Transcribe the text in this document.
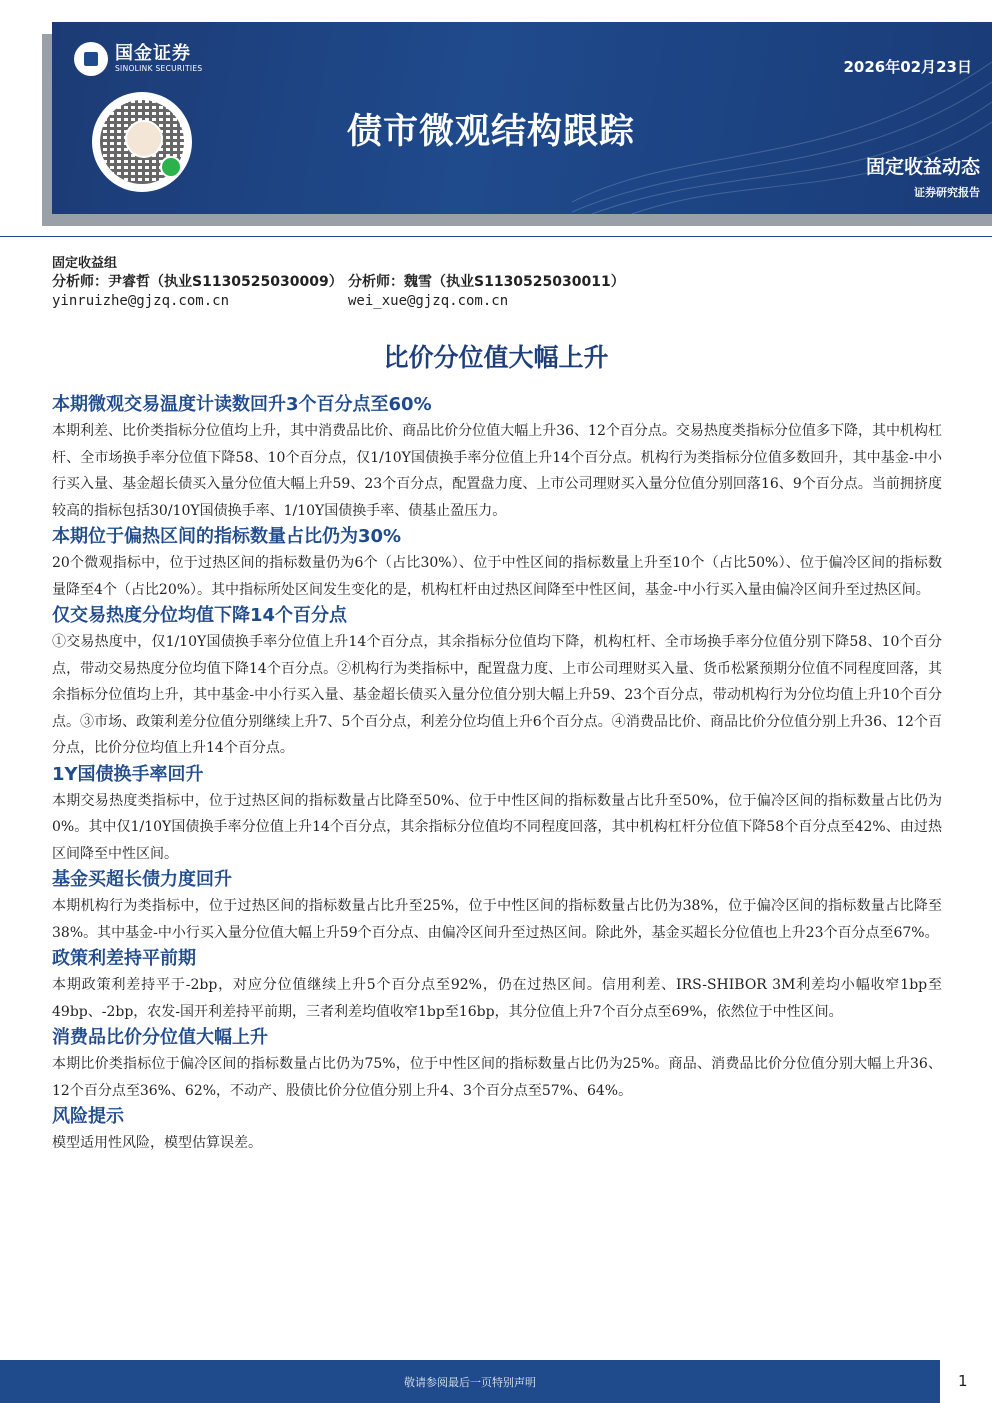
国金证券
SINOLINK SECURITIES	2026年02月23日
债市微观结构跟踪
固定收益动态
证券研究报告
固定收益组
分析师：尹睿哲（执业S1130525030009） 分析师：魏雪（执业S1130525030011）
yinruizhe@gjzq.com.cn	wei_xue@gjzq.com.cn
比价分位值大幅上升
本期微观交易温度计读数回升3个百分点至60%

本期利差、比价类指标分位值均上升，其中消费品比价、商品比价分位值大幅上升36、12个百分点。交易热度类指标分位值多下降，其中机构杠杆、全市场换手率分位值下降58、10个百分点，仅1/10Y国债换手率分位值上升14个百分点。机构行为类指标分位值多数回升，其中基金-中小行买入量、基金超长债买入量分位值大幅上升59、23个百分点，配置盘力度、上市公司理财买入量分位值分别回落16、9个百分点。当前拥挤度较高的指标包括30/10Y国债换手率、1/10Y国债换手率、债基止盈压力。

本期位于偏热区间的指标数量占比仍为30%

20个微观指标中，位于过热区间的指标数量仍为6个（占比30%）、位于中性区间的指标数量上升至10个（占比50%）、位于偏冷区间的指标数量降至4个（占比20%）。其中指标所处区间发生变化的是，机构杠杆由过热区间降至中性区间，基金-中小行买入量由偏冷区间升至过热区间。

仅交易热度分位均值下降14个百分点

①交易热度中，仅1/10Y国债换手率分位值上升14个百分点，其余指标分位值均下降，机构杠杆、全市场换手率分位值分别下降58、10个百分点，带动交易热度分位均值下降14个百分点。②机构行为类指标中，配置盘力度、上市公司理财买入量、货币松紧预期分位值不同程度回落，其余指标分位值均上升，其中基金-中小行买入量、基金超长债买入量分位值分别大幅上升59、23个百分点，带动机构行为分位均值上升10个百分点。③市场、政策利差分位值分别继续上升7、5个百分点，利差分位均值上升6个百分点。④消费品比价、商品比价分位值分别上升36、12个百分点，比价分位均值上升14个百分点。

1Y国债换手率回升

本期交易热度类指标中，位于过热区间的指标数量占比降至50%、位于中性区间的指标数量占比升至50%，位于偏冷区间的指标数量占比仍为0%。其中仅1/10Y国债换手率分位值上升14个百分点，其余指标分位值均不同程度回落，其中机构杠杆分位值下降58个百分点至42%、由过热区间降至中性区间。

基金买超长债力度回升

本期机构行为类指标中，位于过热区间的指标数量占比升至25%，位于中性区间的指标数量占比仍为38%，位于偏冷区间的指标数量占比降至38%。其中基金-中小行买入量分位值大幅上升59个百分点、由偏冷区间升至过热区间。除此外，基金买超长分位值也上升23个百分点至67%。

政策利差持平前期

本期政策利差持平于-2bp，对应分位值继续上升5个百分点至92%，仍在过热区间。信用利差、IRS-SHIBOR 3M利差均小幅收窄1bp至49bp、-2bp，农发-国开利差持平前期，三者利差均值收窄1bp至16bp，其分位值上升7个百分点至69%，依然位于中性区间。

消费品比价分位值大幅上升

本期比价类指标位于偏冷区间的指标数量占比仍为75%，位于中性区间的指标数量占比仍为25%。商品、消费品比价分位值分别大幅上升36、12个百分点至36%、62%，不动产、股债比价分位值分别上升4、3个百分点至57%、64%。

风险提示

模型适用性风险，模型估算误差。

敬请参阅最后一页特别声明	1
